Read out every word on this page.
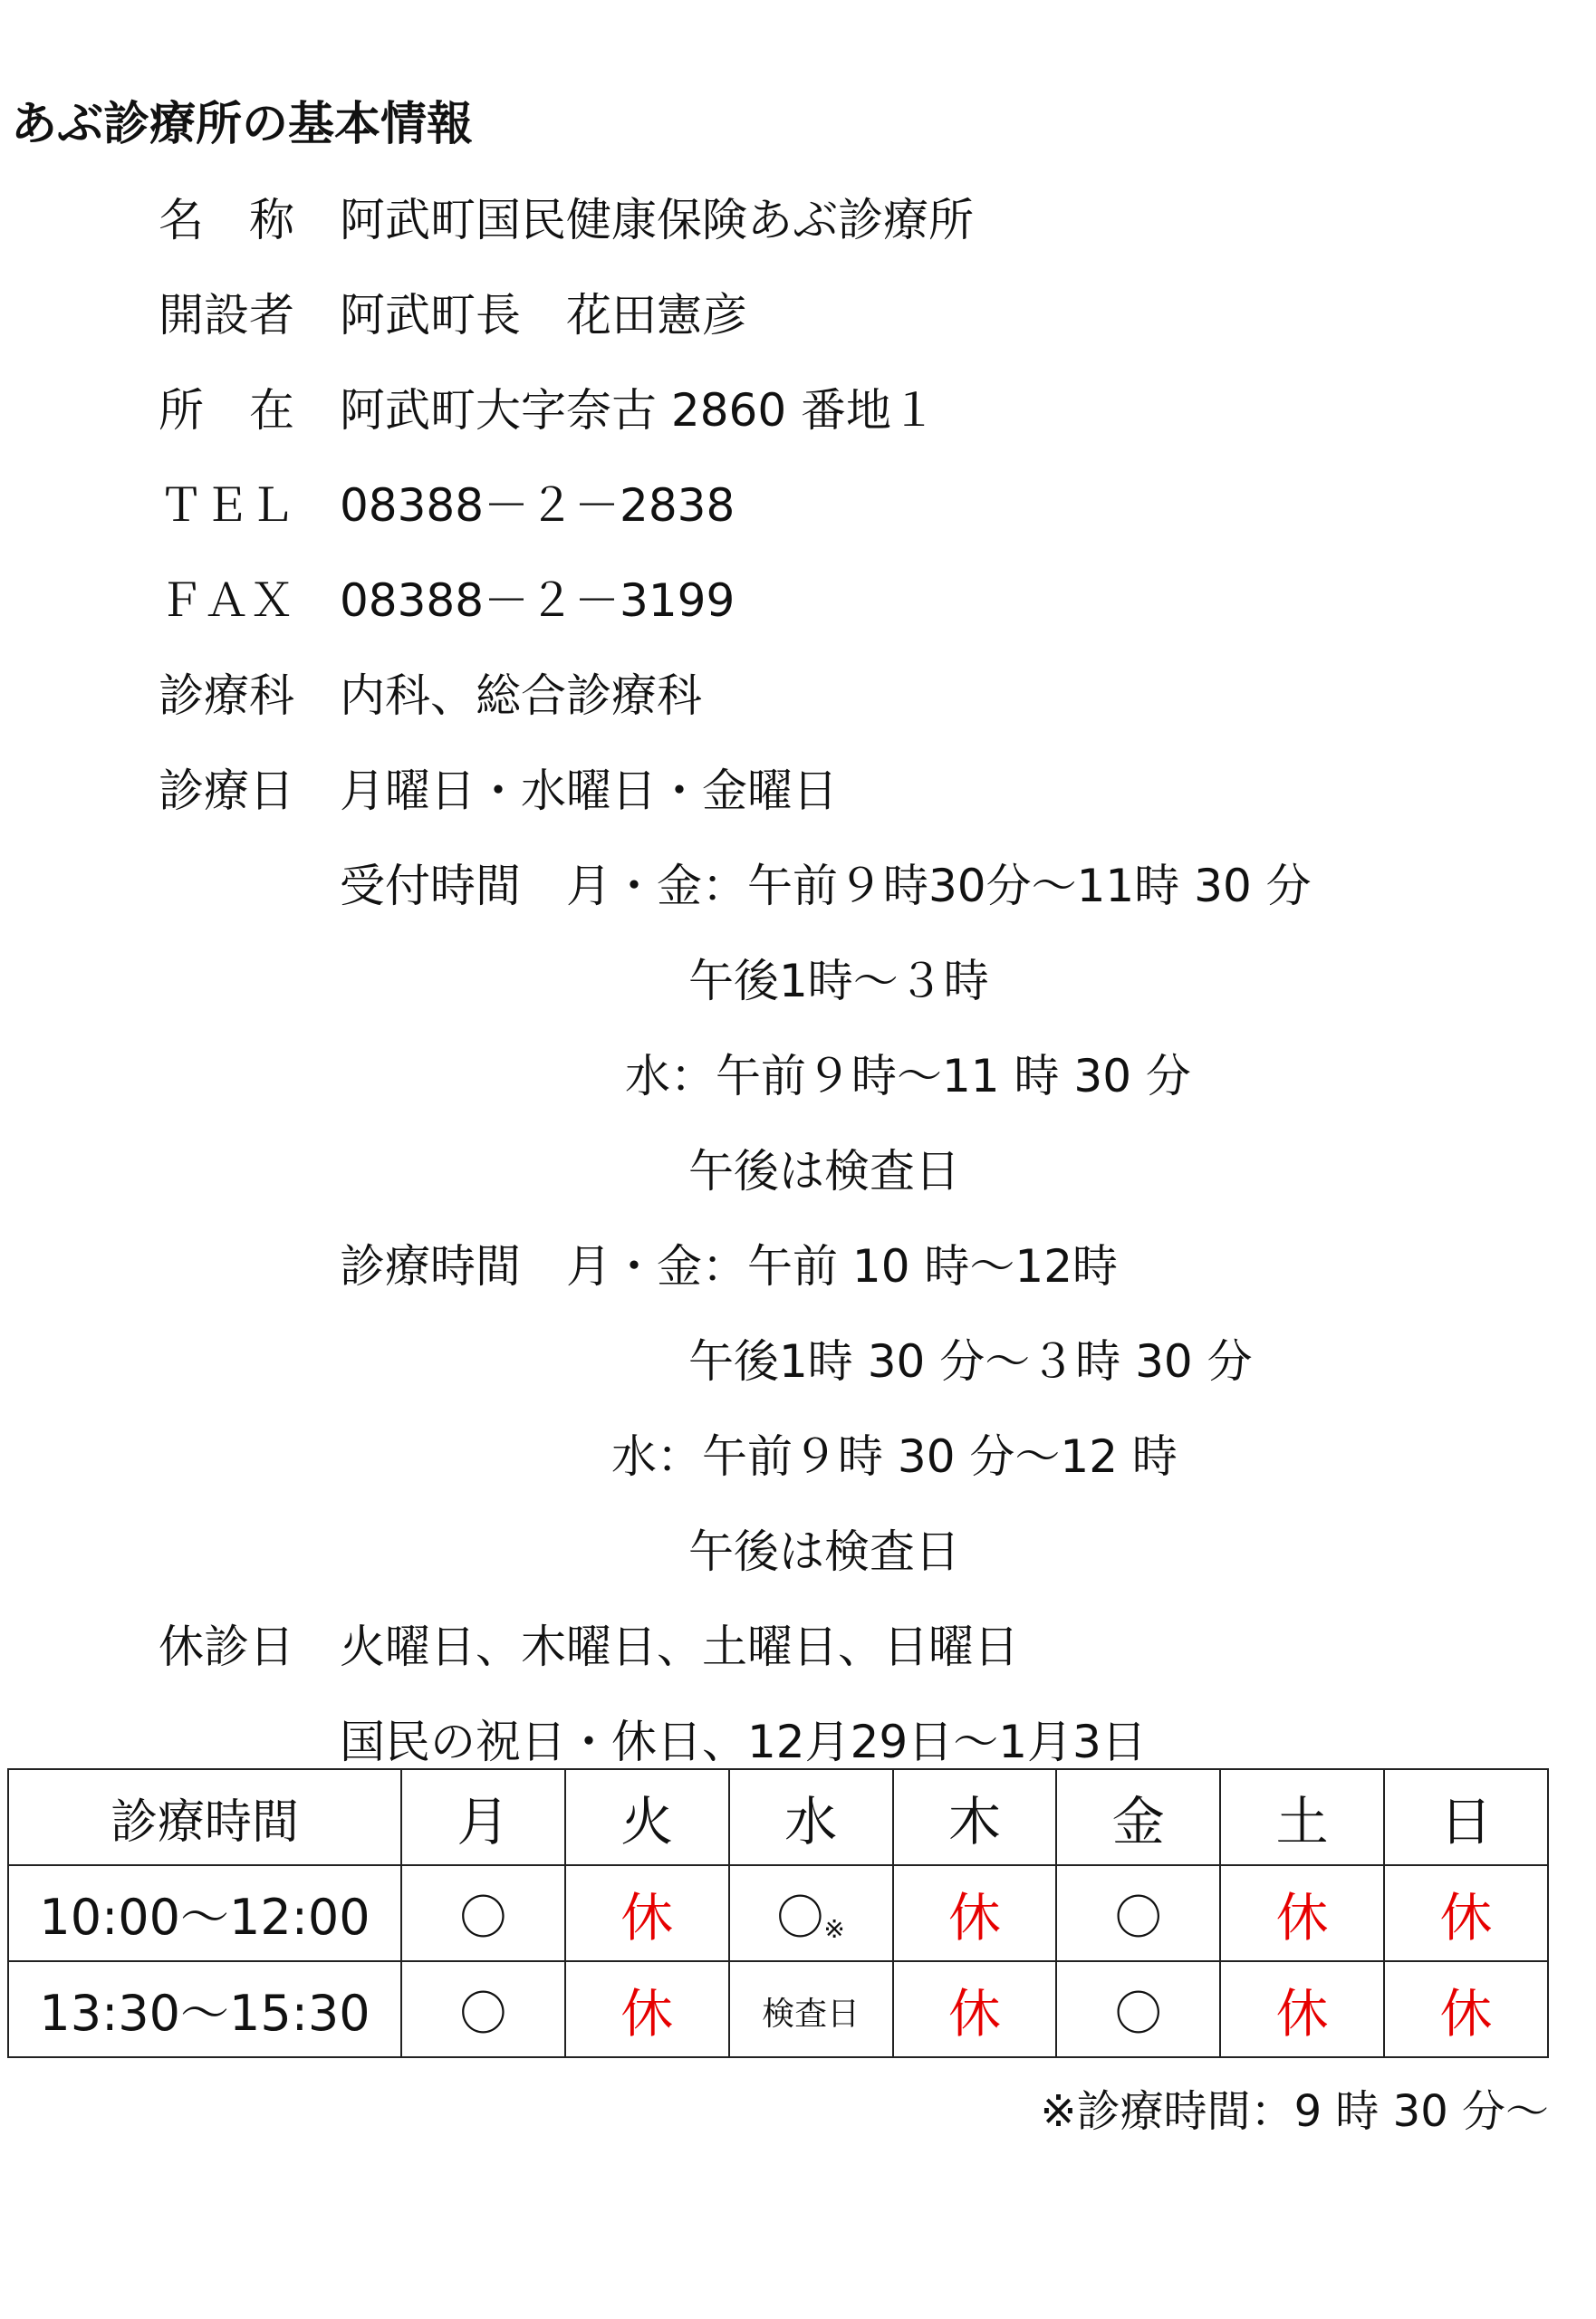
あぶ診療所の基本情報
名　称　阿武町国民健康保険あぶ診療所
開設者　阿武町長　花田憲彦
所　在　阿武町大字奈古 2860 番地１
ＴＥＬ　08388－２－2838
ＦＡＸ　08388－２－3199
診療科　内科、総合診療科
診療日　月曜日・水曜日・金曜日
受付時間　月・金：午前９時30分～11時 30 分
午後1時～３時
水：午前９時～11 時 30 分
午後は検査日
診療時間　月・金：午前 10 時～12時
午後1時 30 分～３時 30 分
水：午前９時 30 分～12 時
午後は検査日
休診日　火曜日、木曜日、土曜日、日曜日
国民の祝日・休日、12月29日～1月3日
診療時間	月	火	水	木	金	土	日
10:00～12:00	〇	休	〇※	休	〇	休	休
13:30～15:30	〇	休	検査日	休	〇	休	休
※診療時間：9 時 30 分～
